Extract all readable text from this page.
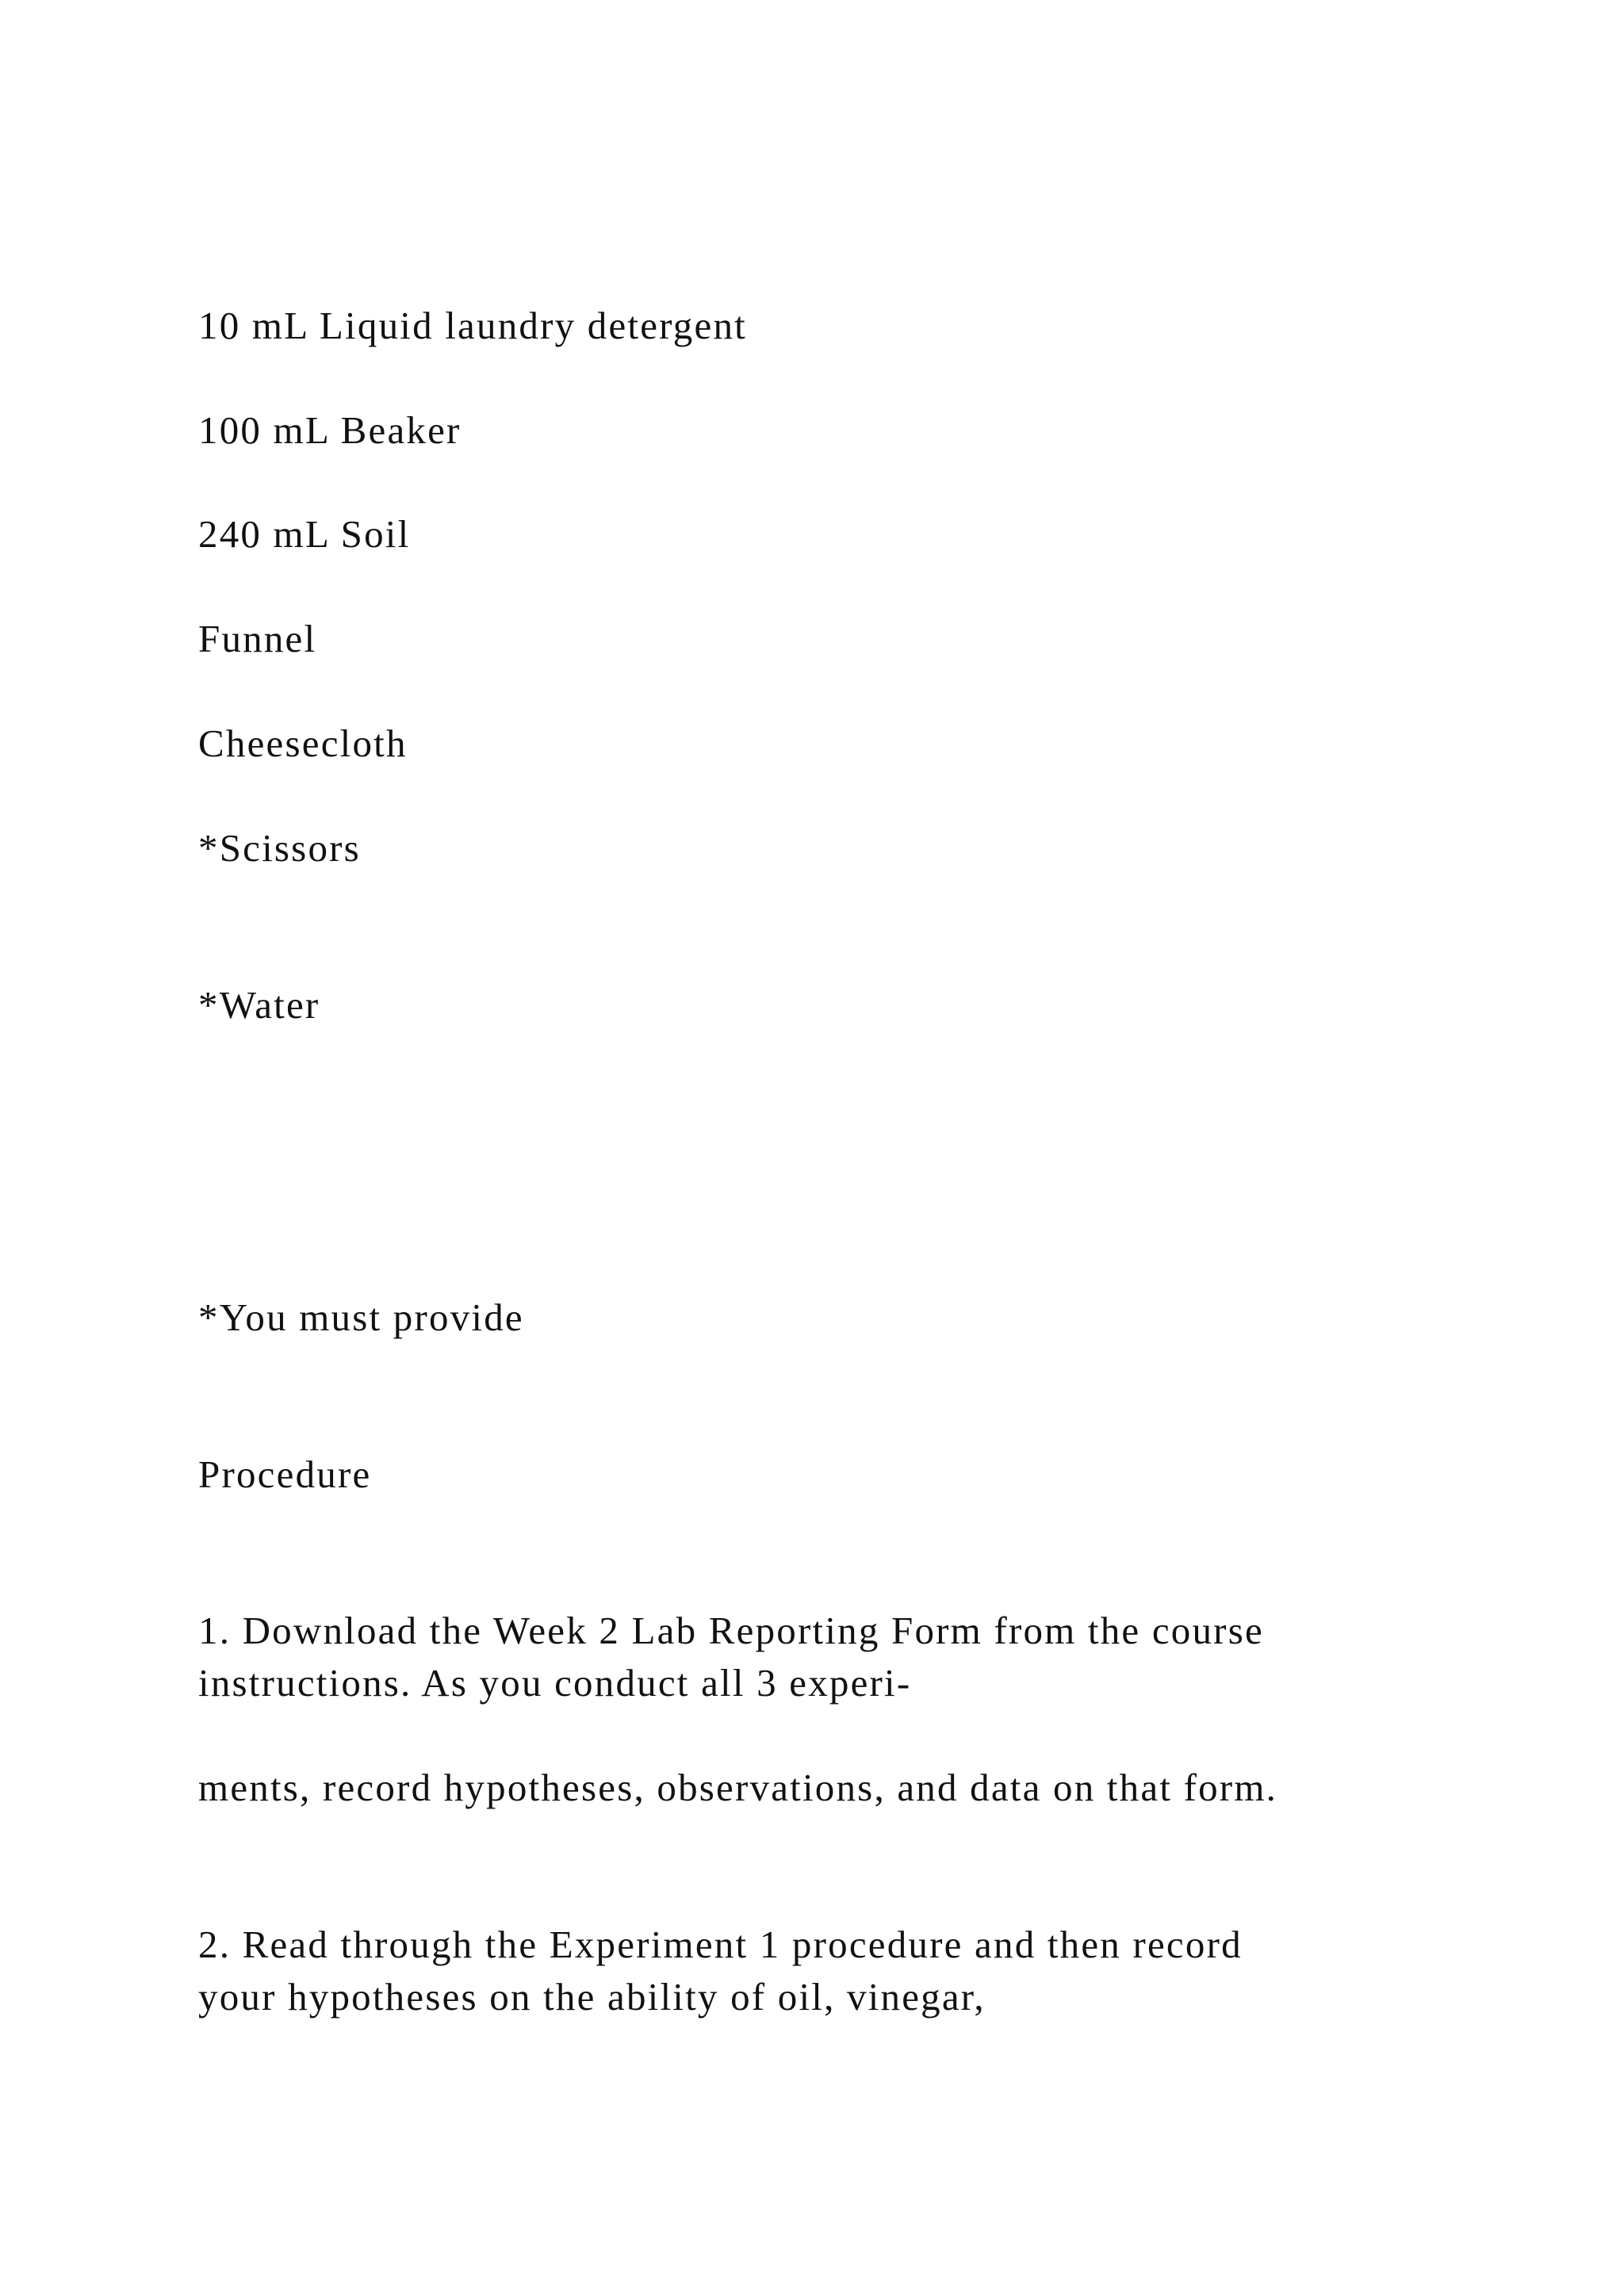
10 mL Liquid laundry detergent
100 mL Beaker
240 mL Soil
Funnel
Cheesecloth
*Scissors
*Water
*You must provide
Procedure
1. Download the Week 2 Lab Reporting Form from the course
instructions. As you conduct all 3 experi-
ments, record hypotheses, observations, and data on that form.
2. Read through the Experiment 1 procedure and then record
your hypotheses on the ability of oil, vinegar,
